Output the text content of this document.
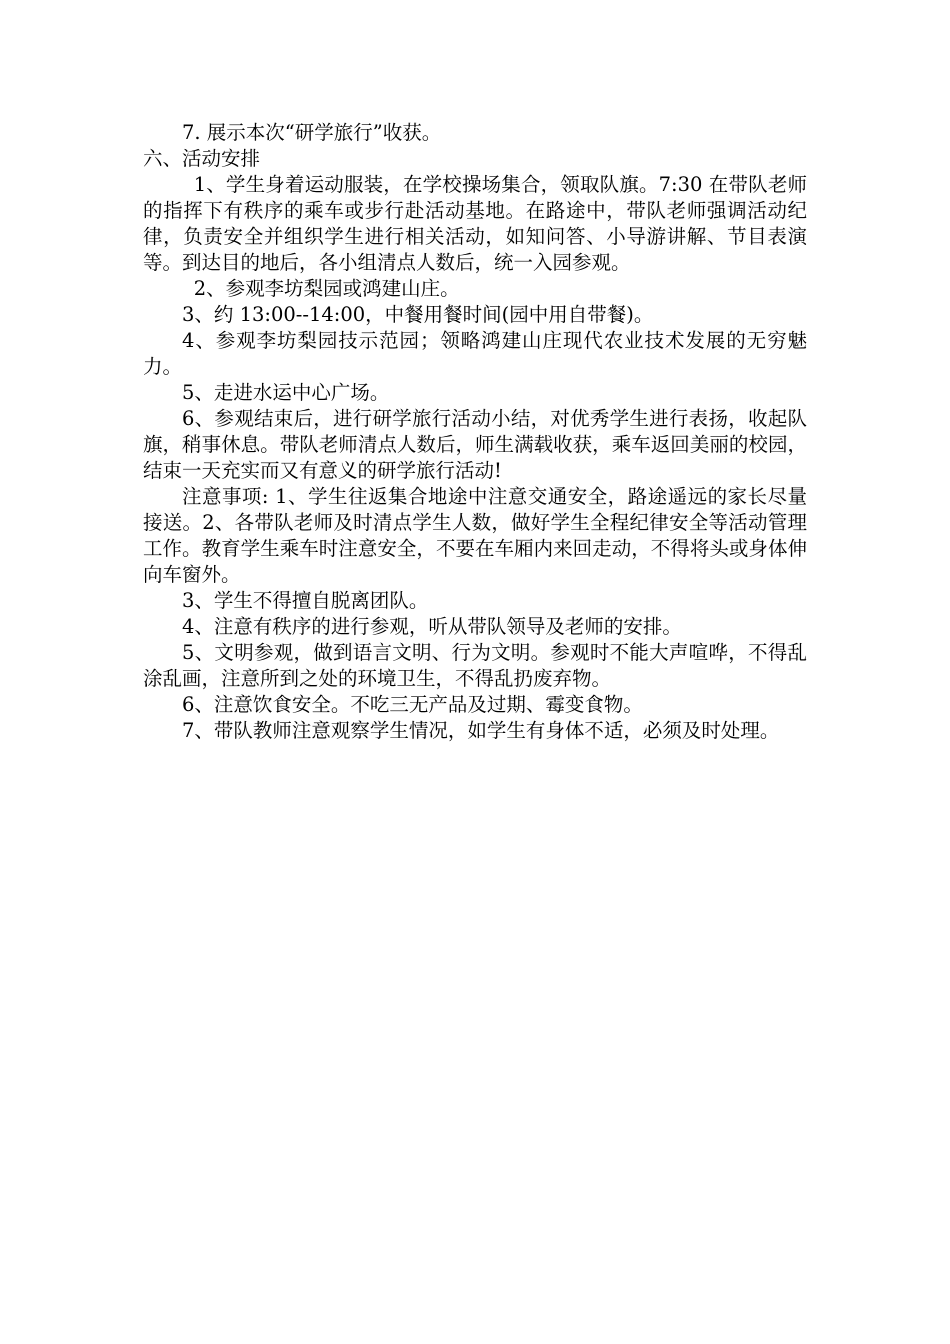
7. 展示本次“研学旅行”收获。

六、活动安排

1、学生身着运动服装，在学校操场集合，领取队旗。7:30 在带队老师的指挥下有秩序的乘车或步行赴活动基地。在路途中，带队老师强调活动纪律，负责安全并组织学生进行相关活动，如知问答、小导游讲解、节目表演等。到达目的地后，各小组清点人数后，统一入园参观。

2、参观李坊梨园或鸿建山庄。

3、约 13:00--14:00，中餐用餐时间(园中用自带餐)。

4、参观李坊梨园技示范园；领略鸿建山庄现代农业技术发展的无穷魅力。

5、走进水运中心广场。

6、参观结束后，进行研学旅行活动小结，对优秀学生进行表扬，收起队旗，稍事休息。带队老师清点人数后，师生满载收获，乘车返回美丽的校园，结束一天充实而又有意义的研学旅行活动!

注意事项: 1、学生往返集合地途中注意交通安全，路途遥远的家长尽量接送。2、各带队老师及时清点学生人数，做好学生全程纪律安全等活动管理工作。教育学生乘车时注意安全，不要在车厢内来回走动，不得将头或身体伸向车窗外。

3、学生不得擅自脱离团队。

4、注意有秩序的进行参观，听从带队领导及老师的安排。

5、文明参观，做到语言文明、行为文明。参观时不能大声喧哗，不得乱涂乱画，注意所到之处的环境卫生，不得乱扔废弃物。

6、注意饮食安全。不吃三无产品及过期、霉变食物。

7、带队教师注意观察学生情况，如学生有身体不适，必须及时处理。
